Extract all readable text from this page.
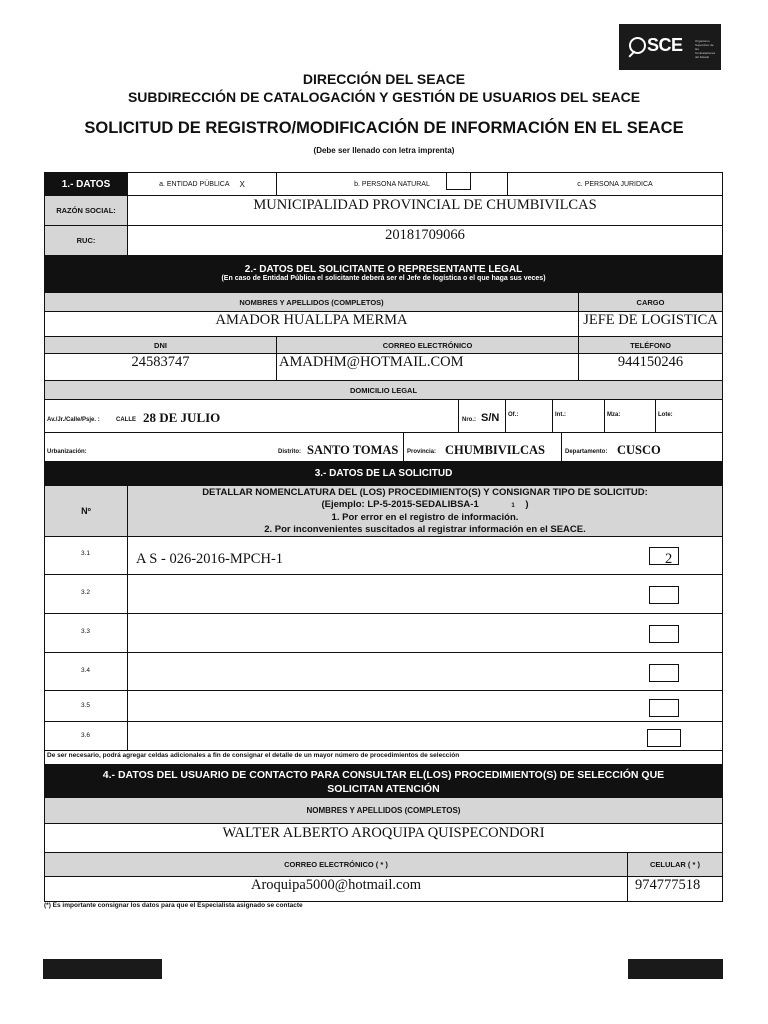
SCE	Organismo Supervisor de las Contrataciones del Estado
DIRECCIÓN DEL SEACE
SUBDIRECCIÓN DE CATALOGACIÓN Y GESTIÓN DE USUARIOS DEL SEACE
SOLICITUD DE REGISTRO/MODIFICACIÓN DE INFORMACIÓN EN EL SEACE
(Debe ser llenado con letra imprenta)
1.- DATOS	a. ENTIDAD PÚBLICA X	b. PERSONA NATURAL	c. PERSONA JURIDICA
RAZÓN SOCIAL:	MUNICIPALIDAD PROVINCIAL DE CHUMBIVILCAS
RUC:	20181709066
2.- DATOS DEL SOLICITANTE O REPRESENTANTE LEGAL
(En caso de Entidad Pública el solicitante deberá ser el Jefe de logística o el que haga sus veces)
NOMBRES Y APELLIDOS (COMPLETOS)	CARGO
AMADOR HUALLPA MERMA	JEFE DE LOGISTICA
DNI	CORREO ELECTRÓNICO	TELÉFONO
24583747	AMADHM@HOTMAIL.COM	944150246
DOMICILIO LEGAL
Av./Jr./Calle/Psje. :	CALLE 28 DE JULIO	Nro.: S/N Of.:	Int.:	Mza:	Lote:
Urbanización:	Distrito: SANTO TOMAS Provincia: CHUMBIVILCAS	Departamento: CUSCO
3.- DATOS DE LA SOLICITUD
Nº
DETALLAR NOMENCLATURA DEL (LOS) PROCEDIMIENTO(S) Y CONSIGNAR TIPO DE SOLICITUD:
(Ejemplo: LP-5-2015-SEDALIBSA-1	1 )
1. Por error en el registro de información.
2. Por inconvenientes suscitados al registrar información en el SEACE.
3.1	A S - 026-2016-MPCH-1	2
3.2
3.3
3.4
3.5
3.6
De ser necesario, podrá agregar celdas adicionales a fin de consignar el detalle de un mayor número de procedimientos de selección
4.- DATOS DEL USUARIO DE CONTACTO PARA CONSULTAR EL(LOS) PROCEDIMIENTO(S) DE SELECCIÓN QUE
SOLICITAN ATENCIÓN
NOMBRES Y APELLIDOS (COMPLETOS)
WALTER ALBERTO AROQUIPA QUISPECONDORI
CORREO ELECTRÓNICO ( * )	CELULAR ( * )
Aroquipa5000@hotmail.com	974777518
(*) Es importante consignar los datos para que el Especialista asignado se contacte
